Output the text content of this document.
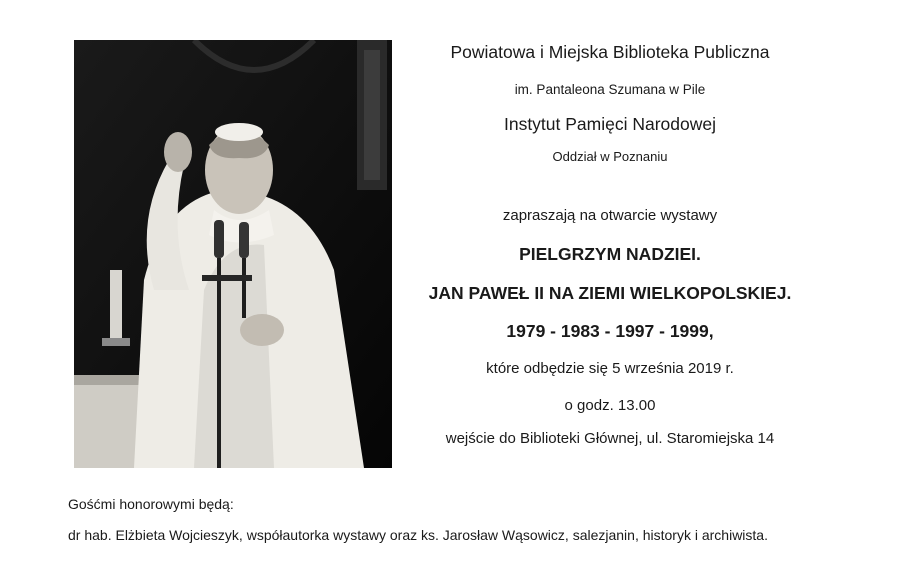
Powiatowa i Miejska Biblioteka Publiczna
im. Pantaleona Szumana w Pile
Instytut Pamięci Narodowej
Oddział w Poznaniu
zapraszają na otwarcie wystawy
PIELGRZYM NADZIEI.
JAN PAWEŁ II NA ZIEMI WIELKOPOLSKIEJ.
1979 - 1983 - 1997 - 1999,
które odbędzie się 5 września 2019 r.
o godz. 13.00
wejście do Biblioteki Głównej, ul. Staromiejska 14
Gośćmi honorowymi będą:
dr hab. Elżbieta Wojcieszyk, współautorka wystawy oraz ks. Jarosław Wąsowicz, salezjanin, historyk i archiwista.
